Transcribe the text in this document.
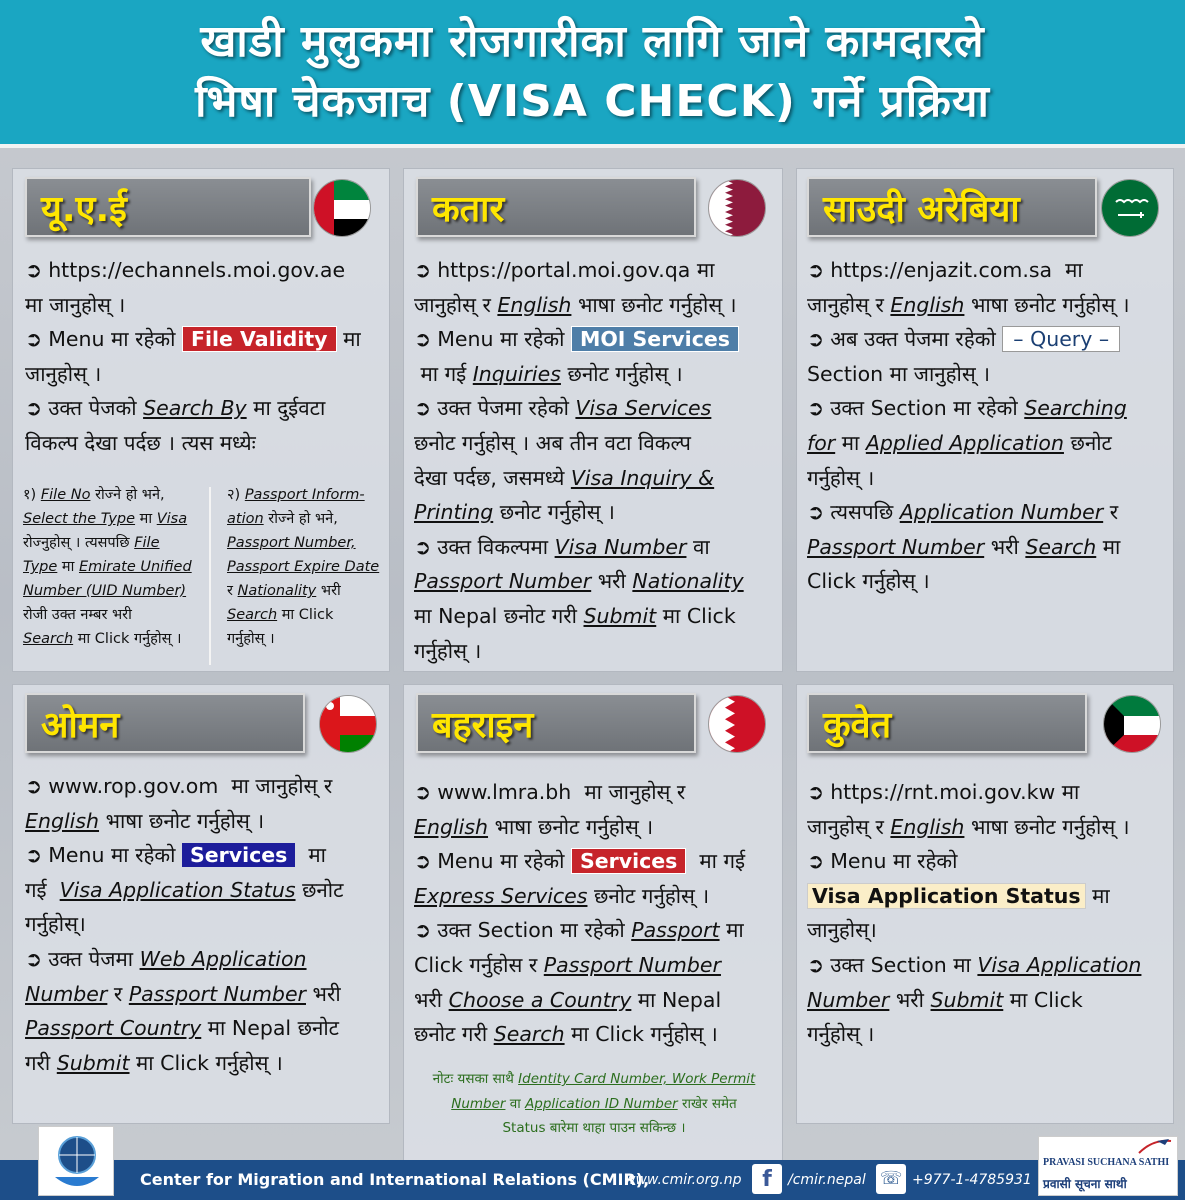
खाडी मुलुकमा रोजगारीका लागि जाने कामदारले
भिषा चेकजाच (VISA CHECK) गर्ने प्रक्रिया
यू.ए.ई

➲ https://echannels.moi.gov.ae

मा जानुहोस् ।

➲ Menu मा रहेको File Validity मा

जानुहोस् ।

➲ उक्त पेजको Search By मा दुईवटा

विकल्प देखा पर्दछ । त्यस मध्येः

१) File No रोज्ने हो भने,

Select the Type मा Visa

रोज्नुहोस् । त्यसपछि File

Type मा Emirate Unified

Number (UID Number)

रोजी उक्त नम्बर भरी

Search मा Click गर्नुहोस् ।

२) Passport Inform-

ation रोज्ने हो भने,

Passport Number,

Passport Expire Date

र Nationality भरी

Search मा Click

गर्नुहोस् ।

कतार

➲ https://portal.moi.gov.qa मा

जानुहोस् र English भाषा छनोट गर्नुहोस् ।

➲ Menu मा रहेको MOI Services

मा गई Inquiries छनोट गर्नुहोस् ।

➲ उक्त पेजमा रहेको Visa Services

छनोट गर्नुहोस् । अब तीन वटा विकल्प

देखा पर्दछ, जसमध्ये Visa Inquiry &

Printing छनोट गर्नुहोस् ।

➲ उक्त विकल्पमा Visa Number वा

Passport Number भरी Nationality

मा Nepal छनोट गरी Submit मा Click

गर्नुहोस् ।

साउदी अरेबिया

➲ https://enjazit.com.sa मा

जानुहोस् र English भाषा छनोट गर्नुहोस् ।

➲ अब उक्त पेजमा रहेको – Query –

Section मा जानुहोस् ।

➲ उक्त Section मा रहेको Searching

for मा Applied Application छनोट

गर्नुहोस् ।

➲ त्यसपछि Application Number र

Passport Number भरी Search मा

Click गर्नुहोस् ।

ओमन

➲ www.rop.gov.om मा जानुहोस् र

English भाषा छनोट गर्नुहोस् ।

➲ Menu मा रहेको Services मा

गई Visa Application Status छनोट

गर्नुहोस्।

➲ उक्त पेजमा Web Application

Number र Passport Number भरी

Passport Country मा Nepal छनोट

गरी Submit मा Click गर्नुहोस् ।

बहराइन

➲ www.lmra.bh मा जानुहोस् र

English भाषा छनोट गर्नुहोस् ।

➲ Menu मा रहेको Services मा गई

Express Services छनोट गर्नुहोस् ।

➲ उक्त Section मा रहेको Passport मा

Click गर्नुहोस र Passport Number

भरी Choose a Country मा Nepal

छनोट गरी Search मा Click गर्नुहोस् ।

नोटः यसका साथै Identity Card Number, Work Permit

Number वा Application ID Number राखेर समेत

Status बारेमा थाहा पाउन सकिन्छ ।

कुवेत

➲ https://rnt.moi.gov.kw मा

जानुहोस् र English भाषा छनोट गर्नुहोस् ।

➲ Menu मा रहेको

Visa Application Status मा जानुहोस्।

➲ उक्त Section मा Visa Application

Number भरी Submit मा Click

गर्नुहोस् ।

Center for Migration and International Relations (CMIR),
www.cmir.org.np f	/cmir.nepal ☏ +977-1-4785931
PRAVASI SUCHANA SATHI
प्रवासी सूचना साथी
